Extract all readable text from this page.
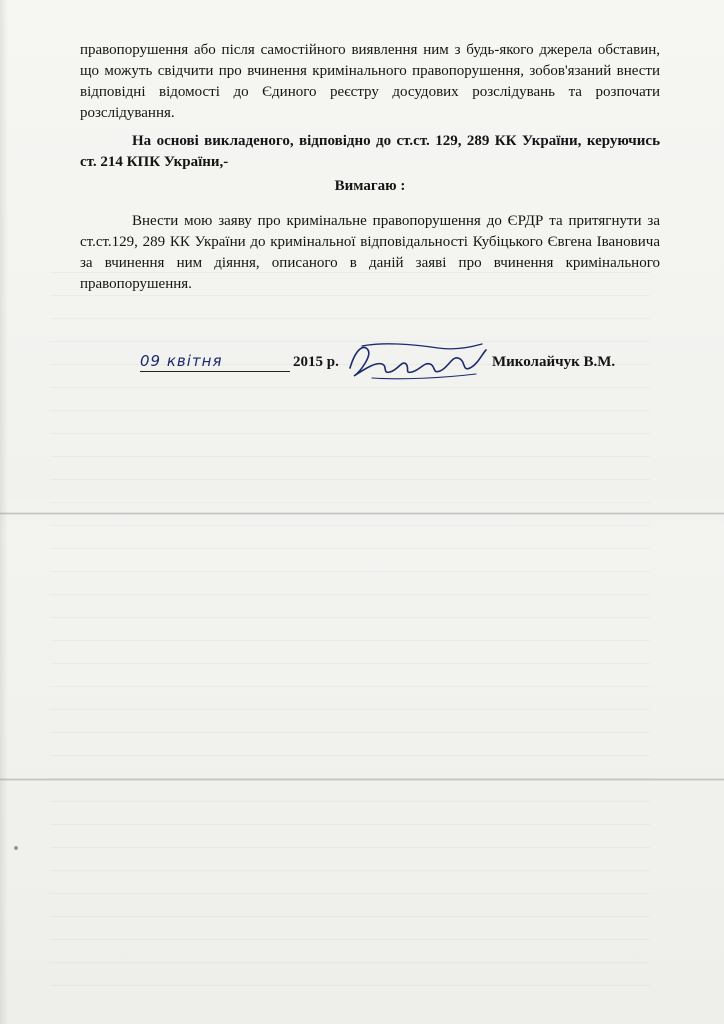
правопорушення або після самостійного виявлення ним з будь-якого джерела обставин, що можуть свідчити про вчинення кримінального правопорушення, зобов'язаний внести відповідні відомості до Єдиного реєстру досудових розслідувань та розпочати розслідування.
На основі викладеного, відповідно до ст.ст. 129, 289 КК України, керуючись ст. 214 КПК України,-
Вимагаю :
Внести мою заяву про кримінальне правопорушення до ЄРДР та притягнути за ст.ст.129, 289 КК України до кримінальної відповідальності Кубіцького Євгена Івановича за вчинення ним діяння, описаного в даній заяві про вчинення кримінального правопорушення.
09 квітня	2015 р.	Миколайчук В.М.
